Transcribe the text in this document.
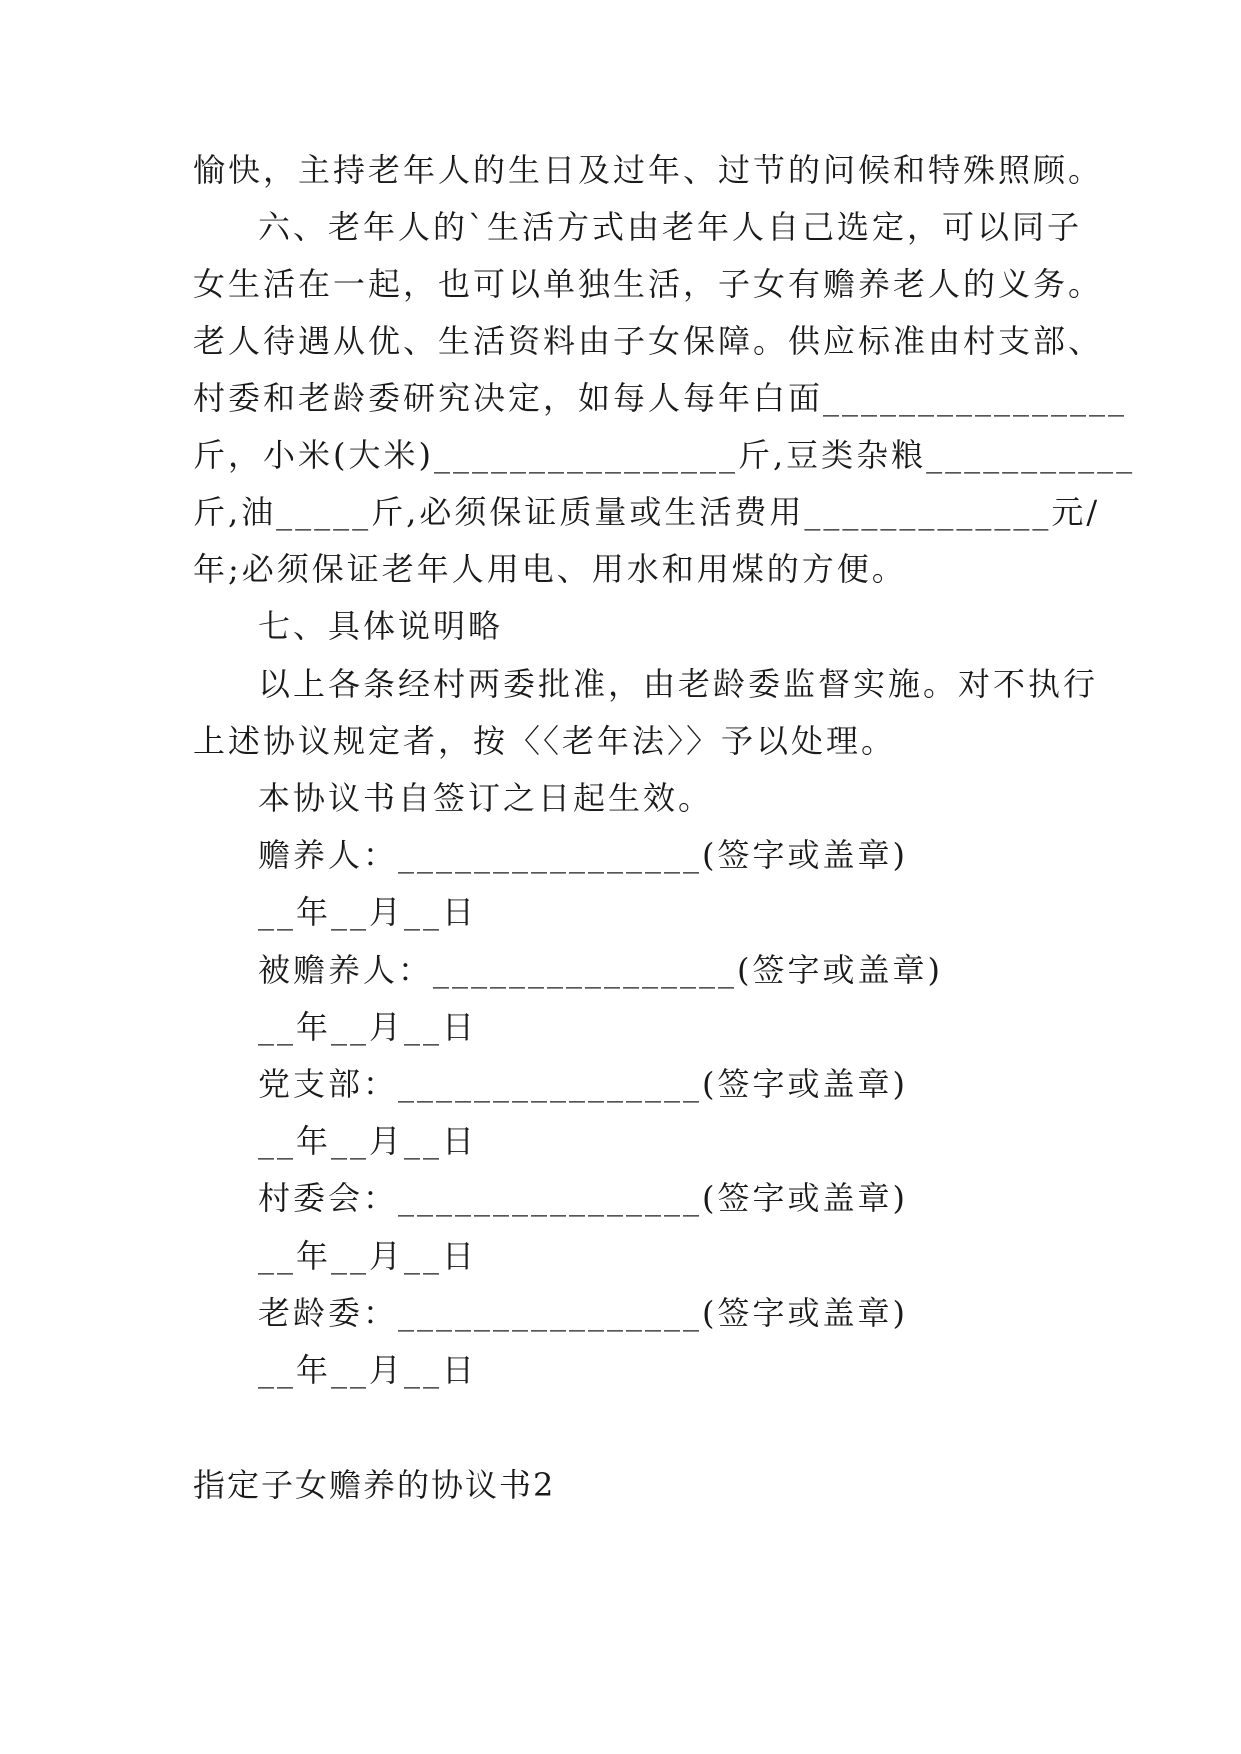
愉快，主持老年人的生日及过年、过节的问候和特殊照顾。
六、老年人的`生活方式由老年人自己选定，可以同子
女生活在一起，也可以单独生活，子女有赡养老人的义务。
老人待遇从优、生活资料由子女保障。供应标准由村支部、
村委和老龄委研究决定，如每人每年白面________________
斤，小米(大米)________________斤,豆类杂粮___________
斤,油_____斤,必须保证质量或生活费用_____________元/
年;必须保证老年人用电、用水和用煤的方便。
七、具体说明略
以上各条经村两委批准，由老龄委监督实施。对不执行
上述协议规定者，按〈〈老年法〉〉予以处理。
本协议书自签订之日起生效。
赡养人：________________(签字或盖章)
__年__月__日
被赡养人：________________(签字或盖章)
__年__月__日
党支部：________________(签字或盖章)
__年__月__日
村委会：________________(签字或盖章)
__年__月__日
老龄委：________________(签字或盖章)
__年__月__日
指定子女赡养的协议书2
